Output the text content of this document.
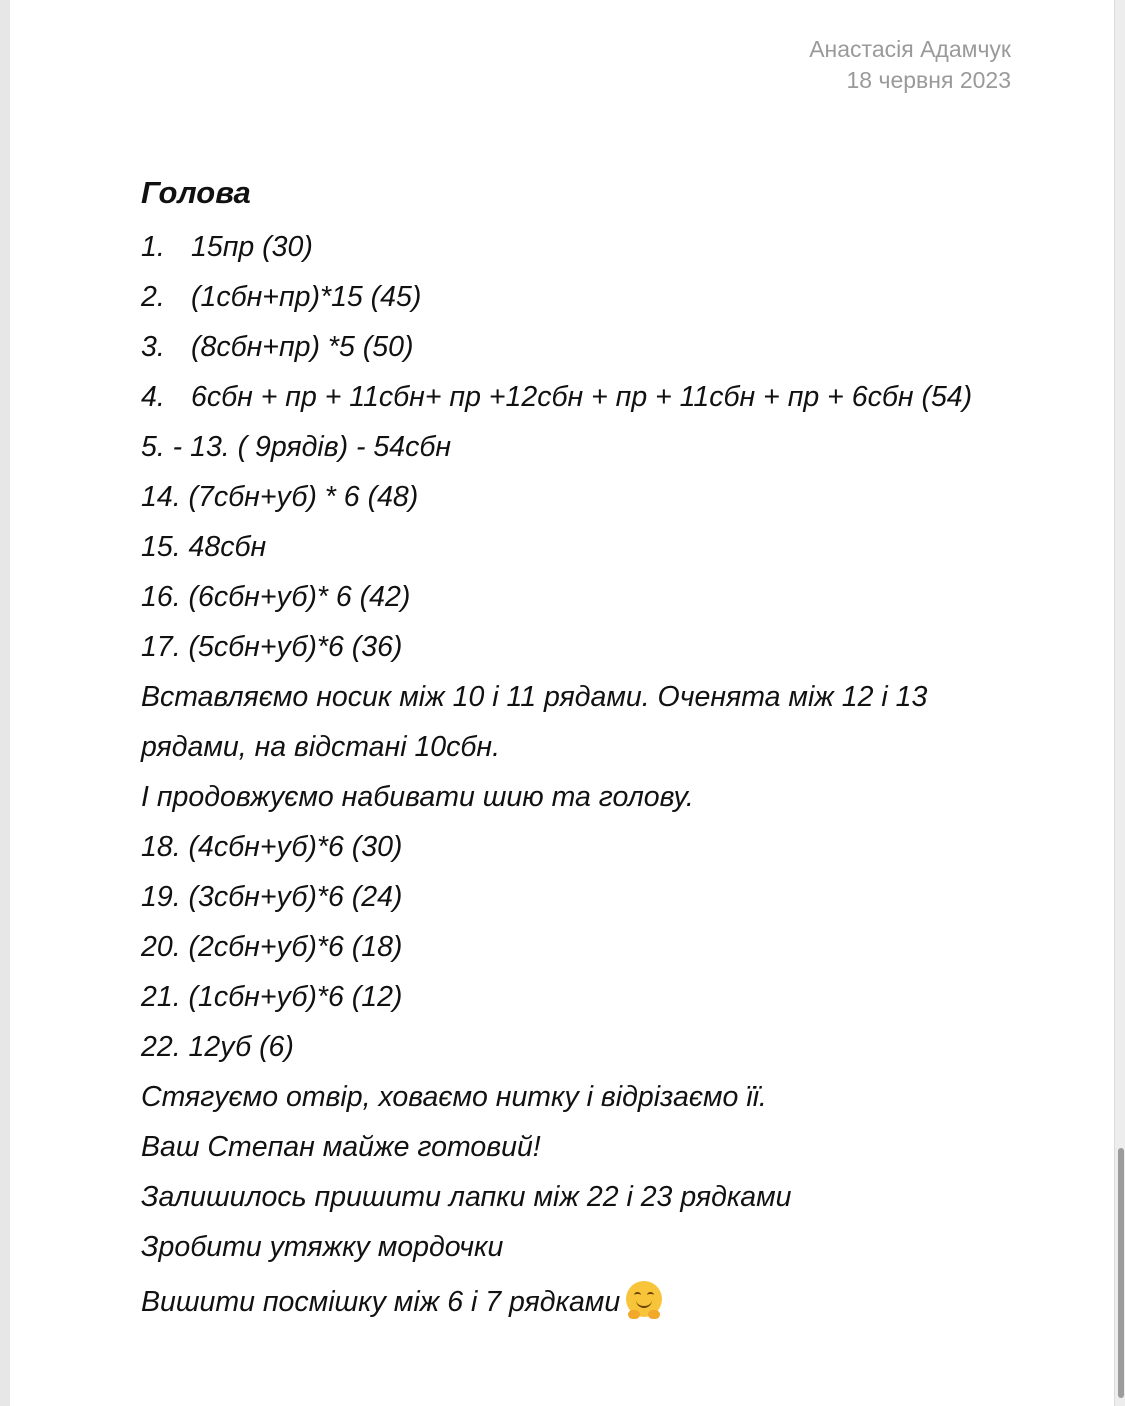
Анастасія Адамчук
18 червня 2023
Голова
1. 15пр (30)
2. (1сбн+пр)*15 (45)
3. (8сбн+пр) *5 (50)
4. 6сбн + пр + 11сбн+ пр +12сбн + пр + 11сбн + пр + 6сбн (54)
5. - 13. ( 9рядів) - 54сбн
14. (7сбн+уб) * 6 (48)
15. 48сбн
16. (6сбн+уб)* 6 (42)
17. (5сбн+уб)*6 (36)
Вставляємо носик між 10 і 11 рядами. Оченята між 12 і 13
рядами, на відстані 10сбн.
І продовжуємо набивати шию та голову.
18. (4сбн+уб)*6 (30)
19. (3сбн+уб)*6 (24)
20. (2сбн+уб)*6 (18)
21. (1сбн+уб)*6 (12)
22. 12уб (6)
Стягуємо отвір, ховаємо нитку і відрізаємо її.
Ваш Степан майже готовий!
Залишилось пришити лапки між 22 і 23 рядками
Зробити утяжку мордочки
Вишити посмішку між 6 і 7 рядками
